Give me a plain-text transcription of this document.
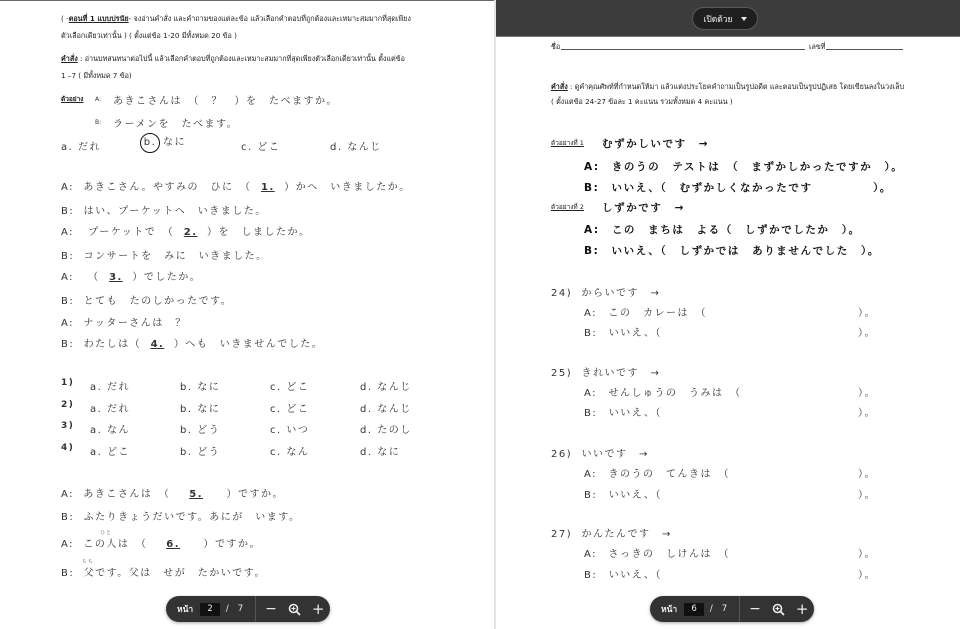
( -ตอนที่ 1 แบบปรนัย- จงอ่านคำสั่ง และคำถามของแต่ละข้อ แล้วเลือกคำตอบที่ถูกต้องและเหมาะสมมากที่สุดเพียง
ตัวเลือกเดียวเท่านั้น ) ( ตั้งแต่ข้อ 1-20 มีทั้งหมด 20 ข้อ )
คำสั่ง : อ่านบทสนทนาต่อไปนี้ แล้วเลือกคำตอบที่ถูกต้องและเหมาะสมมากที่สุดเพียงตัวเลือกเดียวเท่านั้น ตั้งแต่ข้อ
1 –7 ( มีทั้งหมด 7 ข้อ)
ตัวอย่าง A: あきこさんは　（　？　）を　たべますか。
B: ラーメンを　たべます。
a. だれ	b. なに	c. どこ	d. なんじ
A: あきこさん。やすみの　ひに　（ 1. ）かへ　いきましたか。
B: はい、プーケットへ　いきました。
A: プーケットで　（ 2. ）を　しましたか。
B: コンサートを　みに　いきました。
A: （ 3. ）でしたか。
B: とても　たのしかったです。
A: ナッターさんは　？
B: わたしは（ 4. ）へも　いきませんでした。
1) a. だれ	b. なに	c. どこ	d. なんじ
2) a. だれ	b. なに	c. どこ	d. なんじ
3) a. なん	b. どう	c. いつ	d. たのし
4) a. どこ	b. どう	c. なん	d. なに
A: あきこさんは　（ 5. ）ですか。
B: ふたりきょうだいです。あにが　います。
ひと
A: この人は　（ 6. ）ですか。
ちち
B: 父です。父は　せが　たかいです。
หน้า	2	/ 7	−	+
เปิดด้วย
ชื่อ	เลขที่
คำสั่ง : ดูคำคุณศัพท์ที่กำหนดให้มา แล้วแต่งประโยคคำถามเป็นรูปอดีต และตอบเป็นรูปปฏิเสธ โดยเขียนลงในวงเล็บ
( ตั้งแต่ข้อ 24-27 ข้อละ 1 คะแนน รวมทั้งหมด 4 คะแนน )
ตัวอย่างที่ 1 むずかしいです　→
A:　きのうの　テストは　（　まずかしかったですか　）。
B:　いいえ、（　むずかしくなかったです　　　　　）。
ตัวอย่างที่ 2 しずかです　→
A:　この　まちは　よる（　しずかでしたか　）。
B:　いいえ、（　しずかでは　ありませんでした　）。
24) からいです　→
A:　この　カレーは　（	）。
B:　いいえ、（	）。
25) きれいです　→
A:　せんしゅうの　うみは　（	）。
B:　いいえ、（	）。
26) いいです　→
A:　きのうの　てんきは　（	）。
B:　いいえ、（	）。
27) かんたんです　→
A:　さっきの　しけんは　（	）。
B:　いいえ、（	）。
หน้า	6	/ 7	−	+
